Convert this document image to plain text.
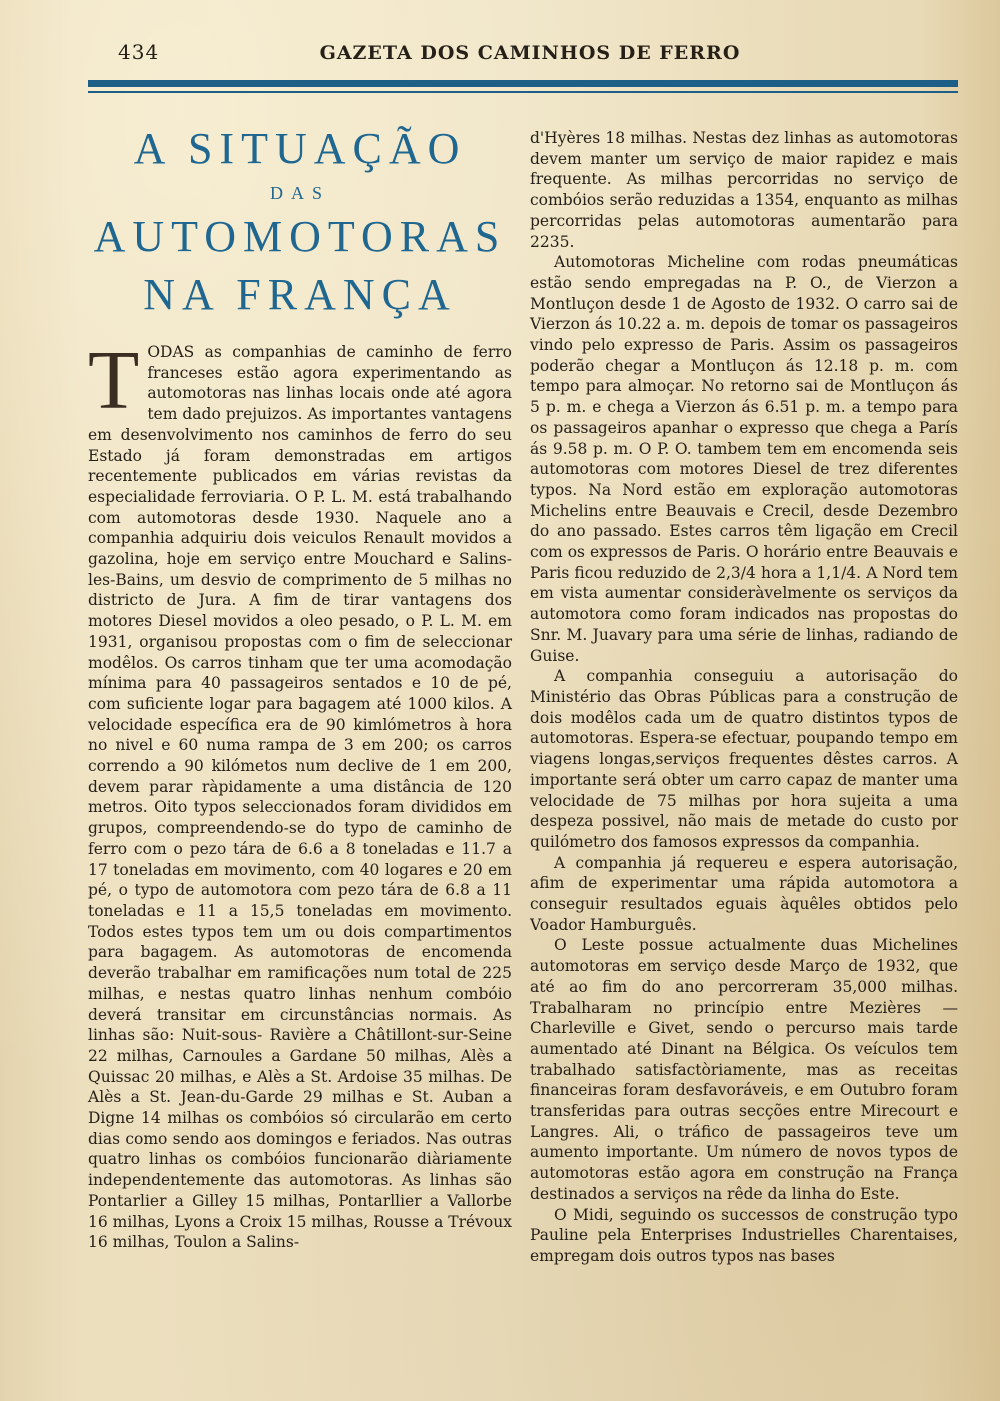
434	GAZETA DOS CAMINHOS DE FERRO
A SITUAÇÃO
DAS
AUTOMOTORAS
NA FRANÇA

TODAS as companhias de caminho de ferro franceses estão agora experimentando as automotoras nas linhas locais onde até agora tem dado prejuizos. As importantes vantagens em desenvolvimento nos caminhos de ferro do seu Estado já foram demonstradas em artigos recentemente publicados em várias revistas da especialidade ferroviaria. O P. L. M. está trabalhando com automotoras desde 1930. Naquele ano a companhia adquiriu dois veiculos Renault movidos a gazolina, hoje em serviço entre Mouchard e Salins-les-Bains, um desvio de comprimento de 5 milhas no districto de Jura. A fim de tirar vantagens dos motores Diesel movidos a oleo pesado, o P. L. M. em 1931, organisou propostas com o fim de seleccionar modêlos. Os carros tinham que ter uma acomodação mínima para 40 passageiros sentados e 10 de pé, com suficiente logar para bagagem até 1000 kilos. A velocidade específica era de 90 kimlómetros à hora no nivel e 60 numa rampa de 3 em 200; os carros correndo a 90 kilómetos num declive de 1 em 200, devem parar ràpidamente a uma distância de 120 metros. Oito typos seleccionados foram divididos em grupos, compreendendo-se do typo de caminho de ferro com o pezo tára de 6.6 a 8 toneladas e 11.7 a 17 toneladas em movimento, com 40 logares e 20 em pé, o typo de automotora com pezo tára de 6.8 a 11 toneladas e 11 a 15,5 toneladas em movimento. Todos estes typos tem um ou dois compartimentos para bagagem. As automotoras de encomenda deverão trabalhar em ramificações num total de 225 milhas, e nestas quatro linhas nenhum combóio deverá transitar em circunstâncias normais. As linhas são: Nuit-sous- Ravière a Châtillont-sur-Seine 22 milhas, Carnoules a Gardane 50 milhas, Alès a Quissac 20 milhas, e Alès a St. Ardoise 35 milhas. De Alès a St. Jean-du-Garde 29 milhas e St. Auban a Digne 14 milhas os combóios só circularão em certo dias como sendo aos domingos e feriados. Nas outras quatro linhas os combóios funcionarão diàriamente independentemente das automotoras. As linhas são Pontarlier a Gilley 15 milhas, Pontarllier a Vallorbe 16 milhas, Lyons a Croix 15 milhas, Rousse a Trévoux 16 milhas, Toulon a Salins-

d'Hyères 18 milhas. Nestas dez linhas as automotoras devem manter um serviço de maior rapidez e mais frequente. As milhas percorridas no serviço de combóios serão reduzidas a 1354, enquanto as milhas percorridas pelas automotoras aumentarão para 2235.

Automotoras Micheline com rodas pneumáticas estão sendo empregadas na P. O., de Vierzon a Montluçon desde 1 de Agosto de 1932. O carro sai de Vierzon ás 10.22 a. m. depois de tomar os passageiros vindo pelo expresso de Paris. Assim os passageiros poderão chegar a Montluçon ás 12.18 p. m. com tempo para almoçar. No retorno sai de Montluçon ás 5 p. m. e chega a Vierzon ás 6.51 p. m. a tempo para os passageiros apanhar o expresso que chega a París ás 9.58 p. m. O P. O. tambem tem em encomenda seis automotoras com motores Diesel de trez diferentes typos. Na Nord estão em exploração automotoras Michelins entre Beauvais e Crecil, desde Dezembro do ano passado. Estes carros têm ligação em Crecil com os expressos de Paris. O horário entre Beauvais e Paris ficou reduzido de 2,3/4 hora a 1,1/4. A Nord tem em vista aumentar consideràvelmente os serviços da automotora como foram indicados nas propostas do Snr. M. Juavary para uma série de linhas, radiando de Guise.

A companhia conseguiu a autorisação do Ministério das Obras Públicas para a construção de dois modêlos cada um de quatro distintos typos de automotoras. Espera-se efectuar, poupando tempo em viagens longas,serviços frequentes dêstes carros. A importante será obter um carro capaz de manter uma velocidade de 75 milhas por hora sujeita a uma despeza possivel, não mais de metade do custo por quilómetro dos famosos expressos da companhia.

A companhia já requereu e espera autorisação, afim de experimentar uma rápida automotora a conseguir resultados eguais àquêles obtidos pelo Voador Hamburguês.

O Leste possue actualmente duas Michelines automotoras em serviço desde Março de 1932, que até ao fim do ano percorreram 35,000 milhas. Trabalharam no princípio entre Mezières — Charleville e Givet, sendo o percurso mais tarde aumentado até Dinant na Bélgica. Os veículos tem trabalhado satisfactòriamente, mas as receitas financeiras foram desfavoráveis, e em Outubro foram transferidas para outras secções entre Mirecourt e Langres. Ali, o tráfico de passageiros teve um aumento importante. Um número de novos typos de automotoras estão agora em construção na França destinados a serviços na rêde da linha do Este.

O Midi, seguindo os successos de construção typo Pauline pela Enterprises Industrielles Charentaises, empregam dois outros typos nas bases
